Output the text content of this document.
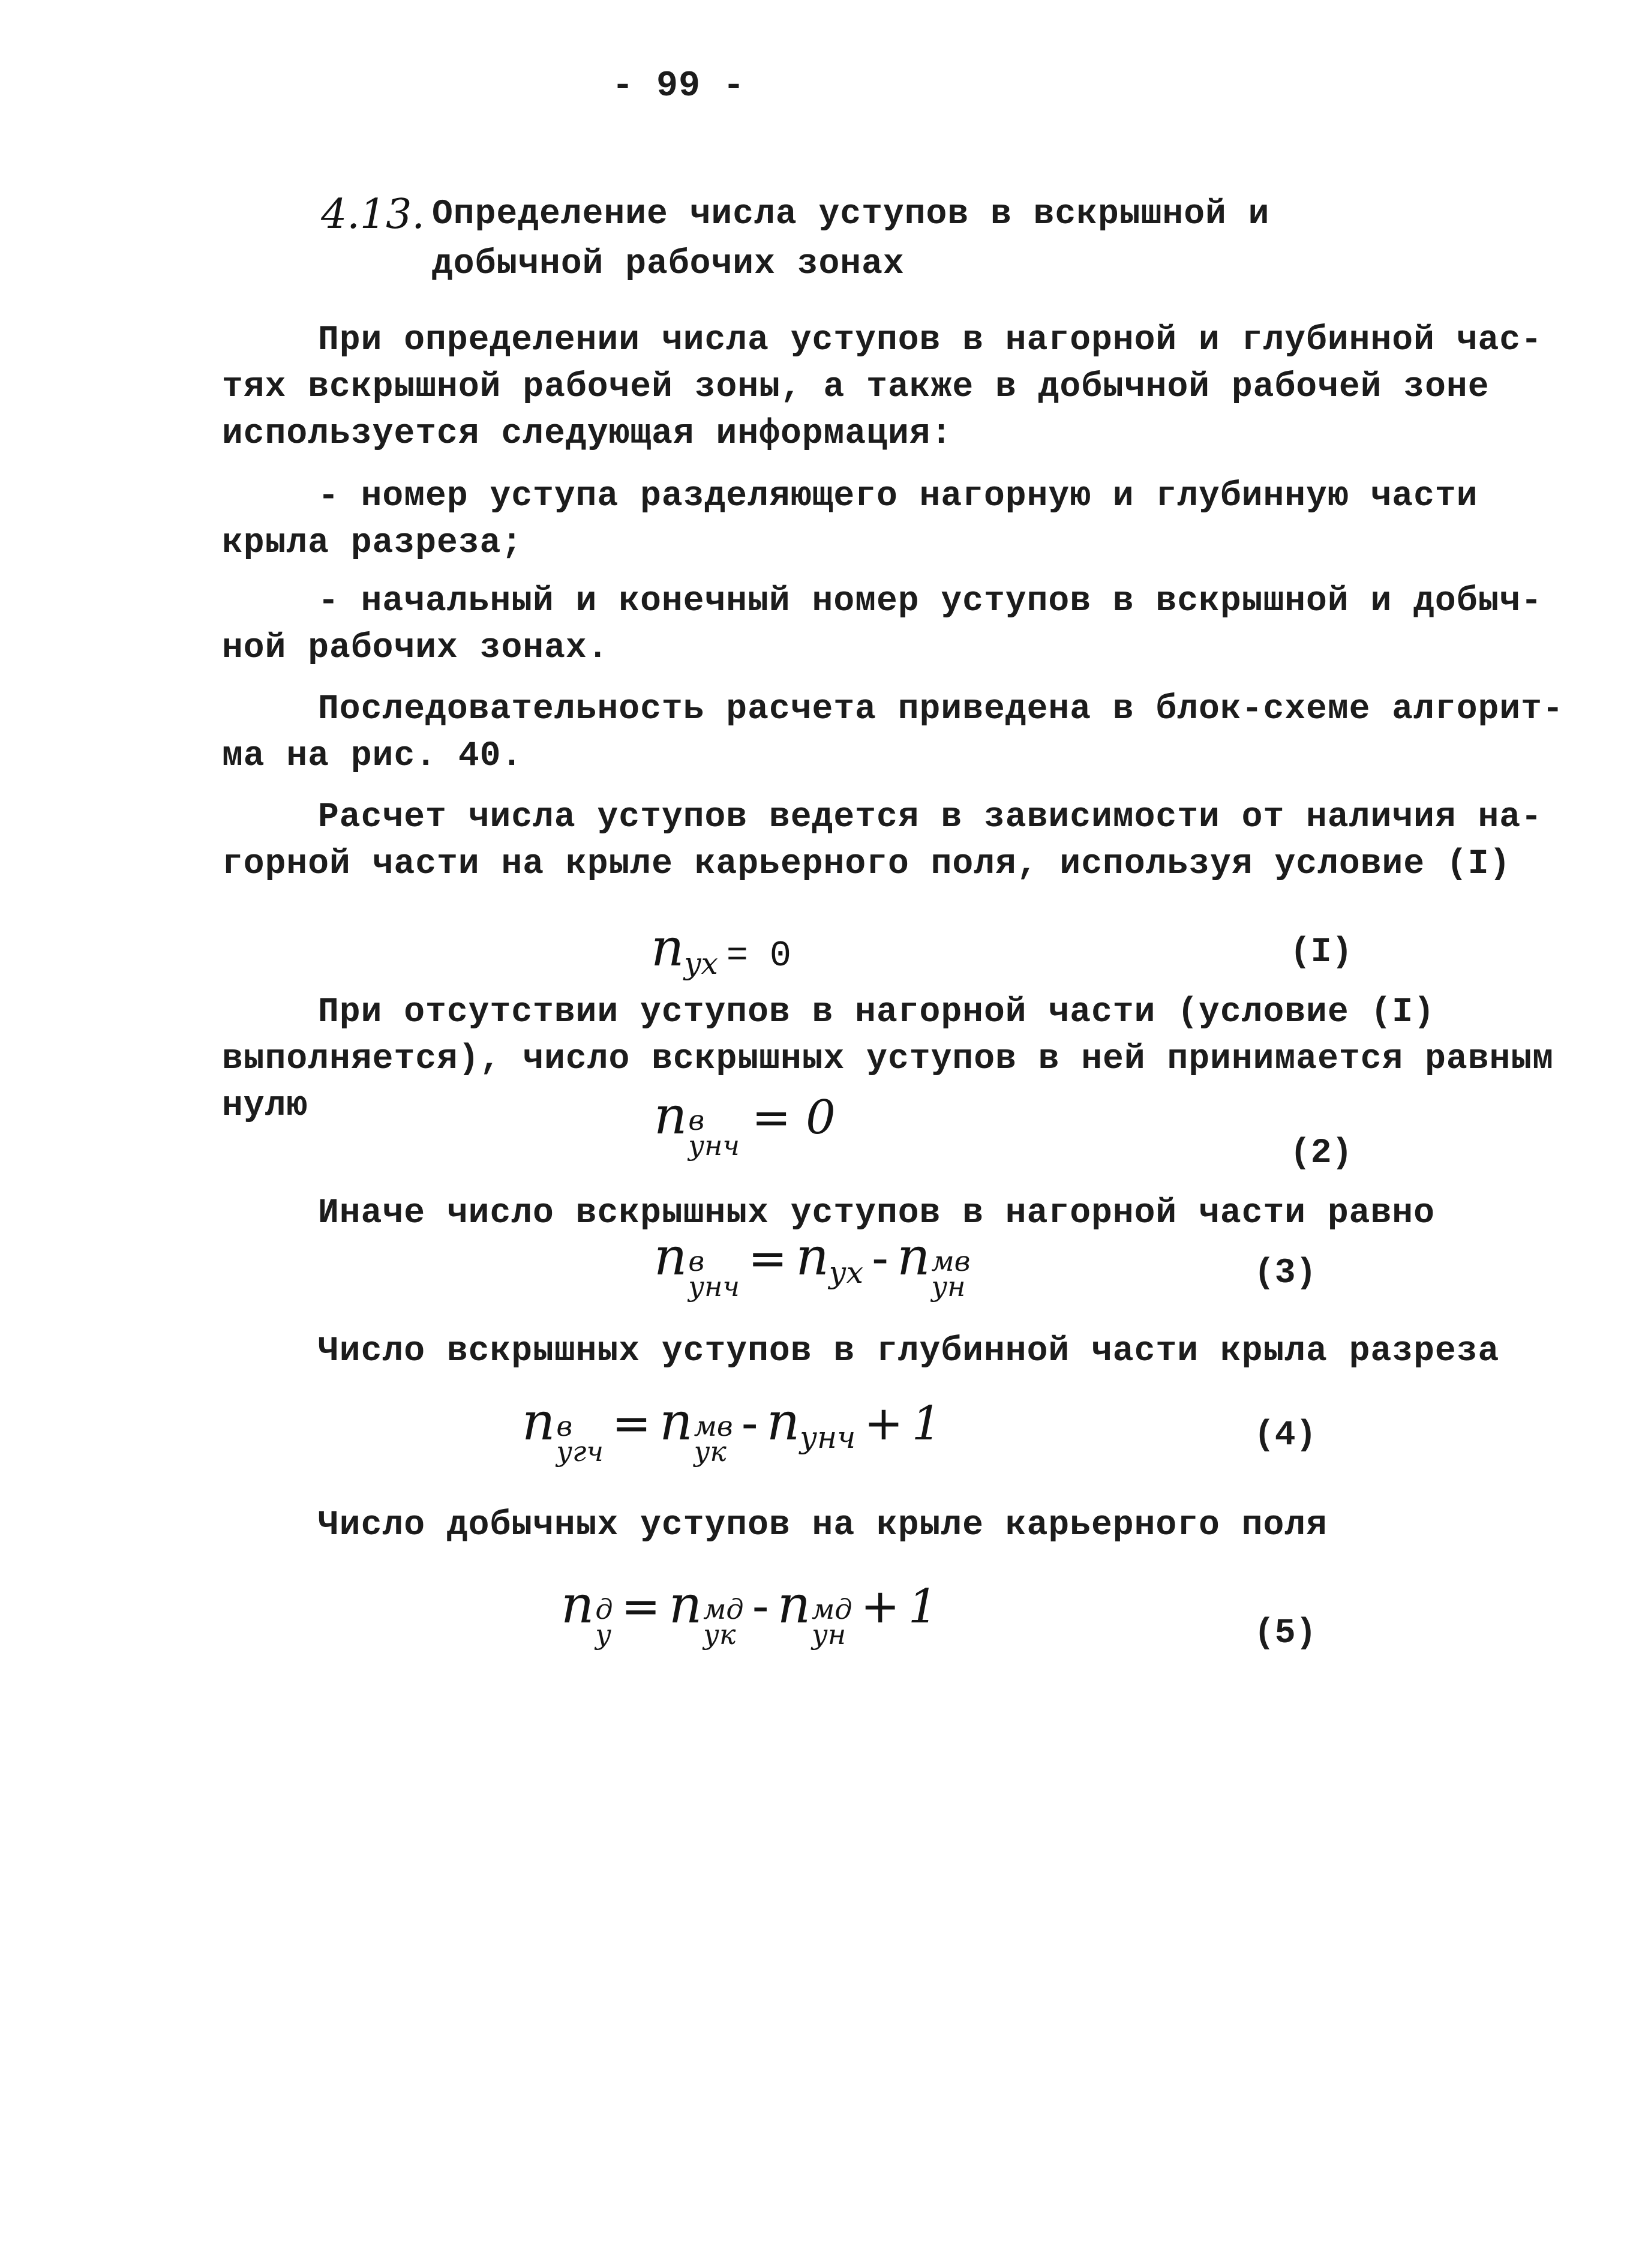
- 99 -
4.13. Определение числа уступов в вскрышной и
добычной рабочих зонах
При определении числа уступов в нагорной и глубинной час-
тях вскрышной рабочей зоны, а также в добычной рабочей зоне
используется следующая информация:
- номер уступа разделяющего нагорную и глубинную части
крыла разреза;
- начальный и конечный номер уступов в вскрышной и добыч-
ной рабочих зонах.
Последовательность расчета приведена в блок-схеме алгорит-
ма на рис. 40.
Расчет числа уступов ведется в зависимости от наличия на-
горной части на крыле карьерного поля, используя условие (I)
n yx = 0	(I)
При отсутствии уступов в нагорной части (условие (I)
выполняется), число вскрышных уступов в ней принимается равным
нулю	n в
унч
= 0
(2)
Иначе число вскрышных уступов в нагорной части равно
n в
унч
= n ух - n мв
ун	(3)
Число вскрышных уступов в глубинной части крыла разреза
n в
угч
= n мв
ук
- n унч + 1	(4)
Число добычных уступов на крыле карьерного поля
n д
у
= n мд
ук
- n мд
ун
+ 1	(5)
